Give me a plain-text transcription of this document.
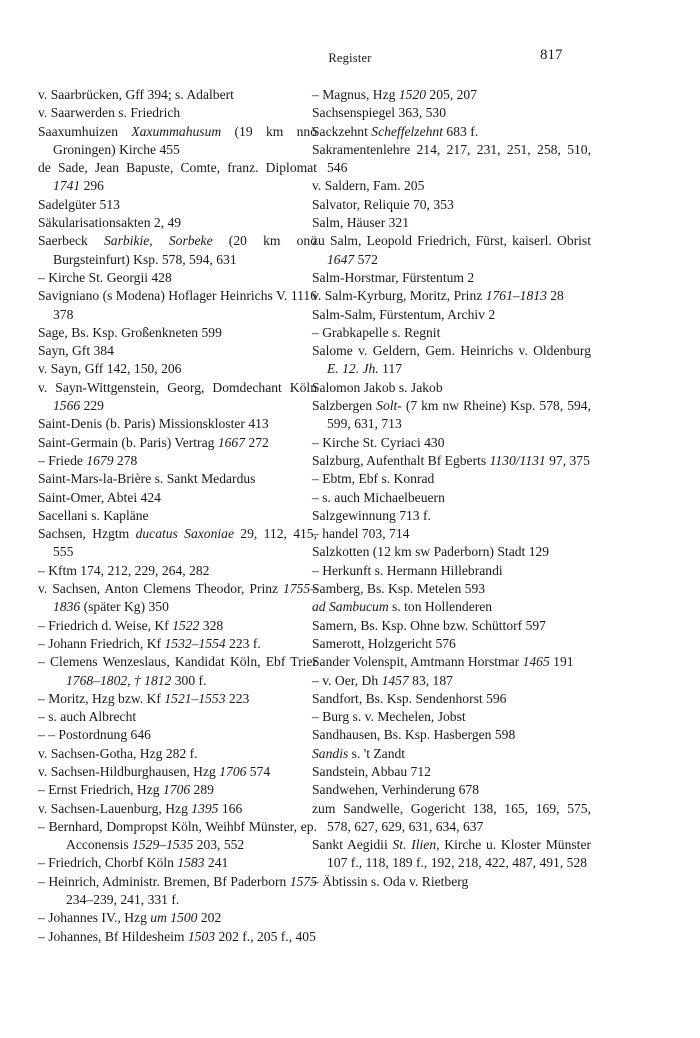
Register	817

v. Saarbrücken, Gff 394; s. Adalbert

v. Saarwerden s. Friedrich

Saaxumhuizen Xaxummahusum (19 km nnö Groningen) Kirche 455

de Sade, Jean Bapuste, Comte, franz. Diplomat 1741 296

Sadelgüter 513

Säkularisationsakten 2, 49

Saerbeck Sarbikie, Sorbeke (20 km onö Burgsteinfurt) Ksp. 578, 594, 631

– Kirche St. Georgii 428

Savigniano (s Modena) Hoflager Heinrichs V. 1116 378

Sage, Bs. Ksp. Großenkneten 599

Sayn, Gft 384

v. Sayn, Gff 142, 150, 206

v. Sayn-Wittgenstein, Georg, Domdechant Köln 1566 229

Saint-Denis (b. Paris) Missionskloster 413

Saint-Germain (b. Paris) Vertrag 1667 272

– Friede 1679 278

Saint-Mars-la-Brière s. Sankt Medardus

Saint-Omer, Abtei 424

Sacellani s. Kapläne

Sachsen, Hzgtm ducatus Saxoniae 29, 112, 415, 555

– Kftm 174, 212, 229, 264, 282

v. Sachsen, Anton Clemens Theodor, Prinz 1755–1836 (später Kg) 350

– Friedrich d. Weise, Kf 1522 328

– Johann Friedrich, Kf 1532–1554 223 f.

– Clemens Wenzeslaus, Kandidat Köln, Ebf Trier 1768–1802, † 1812 300 f.

– Moritz, Hzg bzw. Kf 1521–1553 223

– s. auch Albrecht

– – Postordnung 646

v. Sachsen-Gotha, Hzg 282 f.

v. Sachsen-Hildburghausen, Hzg 1706 574

– Ernst Friedrich, Hzg 1706 289

v. Sachsen-Lauenburg, Hzg 1395 166

– Bernhard, Dompropst Köln, Weihbf Münster, ep. Acconensis 1529–1535 203, 552

– Friedrich, Chorbf Köln 1583 241

– Heinrich, Administr. Bremen, Bf Paderborn 1575 234–239, 241, 331 f.

– Johannes IV., Hzg um 1500 202

– Johannes, Bf Hildesheim 1503 202 f., 205 f., 405

– Magnus, Hzg 1520 205, 207

Sachsenspiegel 363, 530

Sackzehnt Scheffelzehnt 683 f.

Sakramentenlehre 214, 217, 231, 251, 258, 510, 546

v. Saldern, Fam. 205

Salvator, Reliquie 70, 353

Salm, Häuser 321

zu Salm, Leopold Friedrich, Fürst, kaiserl. Obrist 1647 572

Salm-Horstmar, Fürstentum 2

v. Salm-Kyrburg, Moritz, Prinz 1761–1813 28

Salm-Salm, Fürstentum, Archiv 2

– Grabkapelle s. Regnit

Salome v. Geldern, Gem. Heinrichs v. Oldenburg E. 12. Jh. 117

Salomon Jakob s. Jakob

Salzbergen Solt- (7 km nw Rheine) Ksp. 578, 594, 599, 631, 713

– Kirche St. Cyriaci 430

Salzburg, Aufenthalt Bf Egberts 1130/1131 97, 375

– Ebtm, Ebf s. Konrad

– s. auch Michaelbeuern

Salzgewinnung 713 f.

– handel 703, 714

Salzkotten (12 km sw Paderborn) Stadt 129

– Herkunft s. Hermann Hillebrandi

Samberg, Bs. Ksp. Metelen 593

ad Sambucum s. ton Hollenderen

Samern, Bs. Ksp. Ohne bzw. Schüttorf 597

Samerott, Holzgericht 576

Sander Volenspit, Amtmann Horstmar 1465 191

– v. Oer, Dh 1457 83, 187

Sandfort, Bs. Ksp. Sendenhorst 596

– Burg s. v. Mechelen, Jobst

Sandhausen, Bs. Ksp. Hasbergen 598

Sandis s. 't Zandt

Sandstein, Abbau 712

Sandwehen, Verhinderung 678

zum Sandwelle, Gogericht 138, 165, 169, 575, 578, 627, 629, 631, 634, 637

Sankt Aegidii St. Ilien, Kirche u. Kloster Münster 107 f., 118, 189 f., 192, 218, 422, 487, 491, 528

– Äbtissin s. Oda v. Rietberg
